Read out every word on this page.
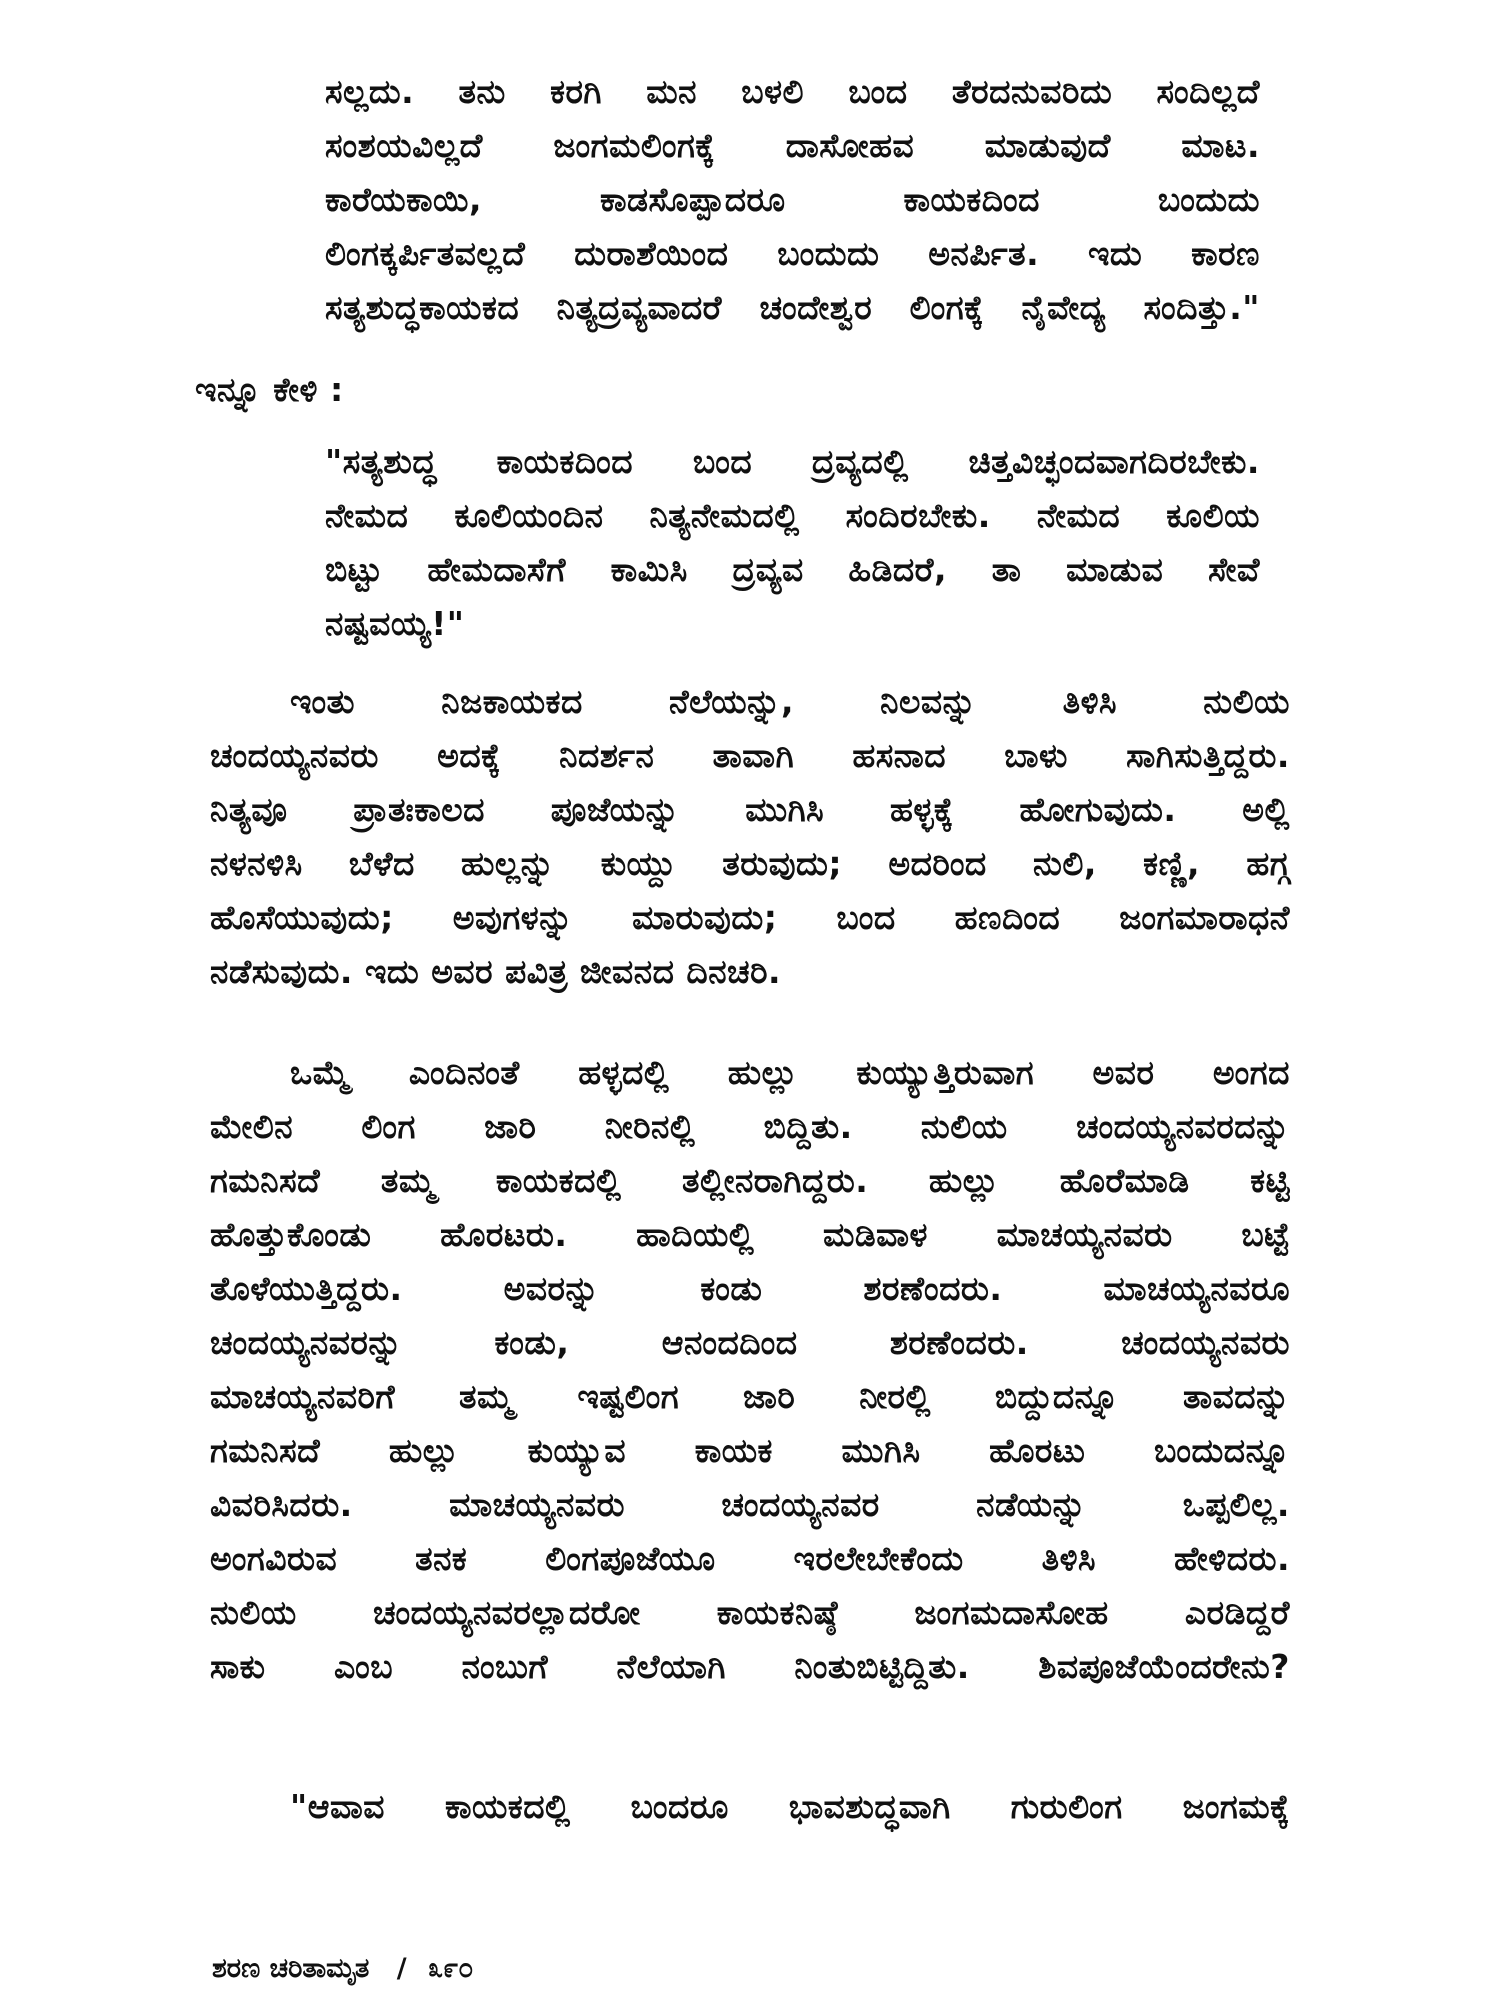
ಸಲ್ಲದು. ತನು ಕರಗಿ ಮನ ಬಳಲಿ ಬಂದ ತೆರದನುವರಿದು ಸಂದಿಲ್ಲದೆ
ಸಂಶಯವಿಲ್ಲದೆ ಜಂಗಮಲಿಂಗಕ್ಕೆ ದಾಸೋಹವ ಮಾಡುವುದೆ ಮಾಟ.
ಕಾರೆಯಕಾಯಿ,	ಕಾಡಸೊಪ್ಪಾದರೂ	ಕಾಯಕದಿಂದ	ಬಂದುದು
ಲಿಂಗಕ್ಕರ್ಪಿತವಲ್ಲದೆ ದುರಾಶೆಯಿಂದ ಬಂದುದು ಅನರ್ಪಿತ. ಇದು ಕಾರಣ
ಸತ್ಯಶುದ್ಧಕಾಯಕದ ನಿತ್ಯದ್ರವ್ಯವಾದರೆ ಚಂದೇಶ್ವರ ಲಿಂಗಕ್ಕೆ ನೈವೇದ್ಯ ಸಂದಿತ್ತು."
ಇನ್ನೂ ಕೇಳಿ :
"ಸತ್ಯಶುದ್ಧ ಕಾಯಕದಿಂದ ಬಂದ ದ್ರವ್ಯದಲ್ಲಿ ಚಿತ್ತವಿಚ್ಛಂದವಾಗದಿರಬೇಕು.
ನೇಮದ ಕೂಲಿಯಂದಿನ ನಿತ್ಯನೇಮದಲ್ಲಿ ಸಂದಿರಬೇಕು. ನೇಮದ ಕೂಲಿಯ
ಬಿಟ್ಟು ಹೇಮದಾಸೆಗೆ ಕಾಮಿಸಿ ದ್ರವ್ಯವ ಹಿಡಿದರೆ, ತಾ ಮಾಡುವ ಸೇವೆ
ನಷ್ಟವಯ್ಯ!"
ಇಂತು	ನಿಜಕಾಯಕದ	ನೆಲೆಯನ್ನು,	ನಿಲವನ್ನು	ತಿಳಿಸಿ	ನುಲಿಯ
ಚಂದಯ್ಯನವರು ಅದಕ್ಕೆ ನಿದರ್ಶನ ತಾವಾಗಿ ಹಸನಾದ ಬಾಳು ಸಾಗಿಸುತ್ತಿದ್ದರು.
ನಿತ್ಯವೂ ಪ್ರಾತಃಕಾಲದ ಪೂಜೆಯನ್ನು ಮುಗಿಸಿ ಹಳ್ಳಕ್ಕೆ ಹೋಗುವುದು. ಅಲ್ಲಿ
ನಳನಳಿಸಿ ಬೆಳೆದ ಹುಲ್ಲನ್ನು ಕುಯ್ದು ತರುವುದು; ಅದರಿಂದ ನುಲಿ, ಕಣ್ಣಿ, ಹಗ್ಗ
ಹೊಸೆಯುವುದು; ಅವುಗಳನ್ನು ಮಾರುವುದು; ಬಂದ ಹಣದಿಂದ ಜಂಗಮಾರಾಧನೆ
ನಡೆಸುವುದು. ಇದು ಅವರ ಪವಿತ್ರ ಜೀವನದ ದಿನಚರಿ.
ಒಮ್ಮೆ ಎಂದಿನಂತೆ ಹಳ್ಳದಲ್ಲಿ ಹುಲ್ಲು ಕುಯ್ಯುತ್ತಿರುವಾಗ ಅವರ ಅಂಗದ
ಮೇಲಿನ ಲಿಂಗ ಜಾರಿ ನೀರಿನಲ್ಲಿ ಬಿದ್ದಿತು. ನುಲಿಯ ಚಂದಯ್ಯನವರದನ್ನು
ಗಮನಿಸದೆ ತಮ್ಮ ಕಾಯಕದಲ್ಲಿ ತಲ್ಲೀನರಾಗಿದ್ದರು. ಹುಲ್ಲು ಹೊರೆಮಾಡಿ ಕಟ್ಟಿ
ಹೊತ್ತುಕೊಂಡು ಹೊರಟರು. ಹಾದಿಯಲ್ಲಿ ಮಡಿವಾಳ ಮಾಚಯ್ಯನವರು ಬಟ್ಟೆ
ತೊಳೆಯುತ್ತಿದ್ದರು.	ಅವರನ್ನು	ಕಂಡು	ಶರಣೆಂದರು.	ಮಾಚಯ್ಯನವರೂ
ಚಂದಯ್ಯನವರನ್ನು	ಕಂಡು,	ಆನಂದದಿಂದ	ಶರಣೆಂದರು.	ಚಂದಯ್ಯನವರು
ಮಾಚಯ್ಯನವರಿಗೆ ತಮ್ಮ ಇಷ್ಟಲಿಂಗ ಜಾರಿ ನೀರಲ್ಲಿ ಬಿದ್ದುದನ್ನೂ ತಾವದನ್ನು
ಗಮನಿಸದೆ ಹುಲ್ಲು ಕುಯ್ಯುವ ಕಾಯಕ ಮುಗಿಸಿ ಹೊರಟು ಬಂದುದನ್ನೂ
ವಿವರಿಸಿದರು.	ಮಾಚಯ್ಯನವರು	ಚಂದಯ್ಯನವರ	ನಡೆಯನ್ನು	ಒಪ್ಪಲಿಲ್ಲ.
ಅಂಗವಿರುವ ತನಕ ಲಿಂಗಪೂಜೆಯೂ ಇರಲೇಬೇಕೆಂದು ತಿಳಿಸಿ ಹೇಳಿದರು.
ನುಲಿಯ ಚಂದಯ್ಯನವರಲ್ಲಾದರೋ ಕಾಯಕನಿಷ್ಠೆ ಜಂಗಮದಾಸೋಹ ಎರಡಿದ್ದರೆ
ಸಾಕು ಎಂಬ ನಂಬುಗೆ ನೆಲೆಯಾಗಿ ನಿಂತುಬಿಟ್ಟಿದ್ದಿತು. ಶಿವಪೂಜೆಯೆಂದರೇನು?
"ಆವಾವ ಕಾಯಕದಲ್ಲಿ ಬಂದರೂ ಭಾವಶುದ್ಧವಾಗಿ ಗುರುಲಿಂಗ ಜಂಗಮಕ್ಕೆ
ಶರಣ ಚರಿತಾಮೃತ / ೩೯೦
